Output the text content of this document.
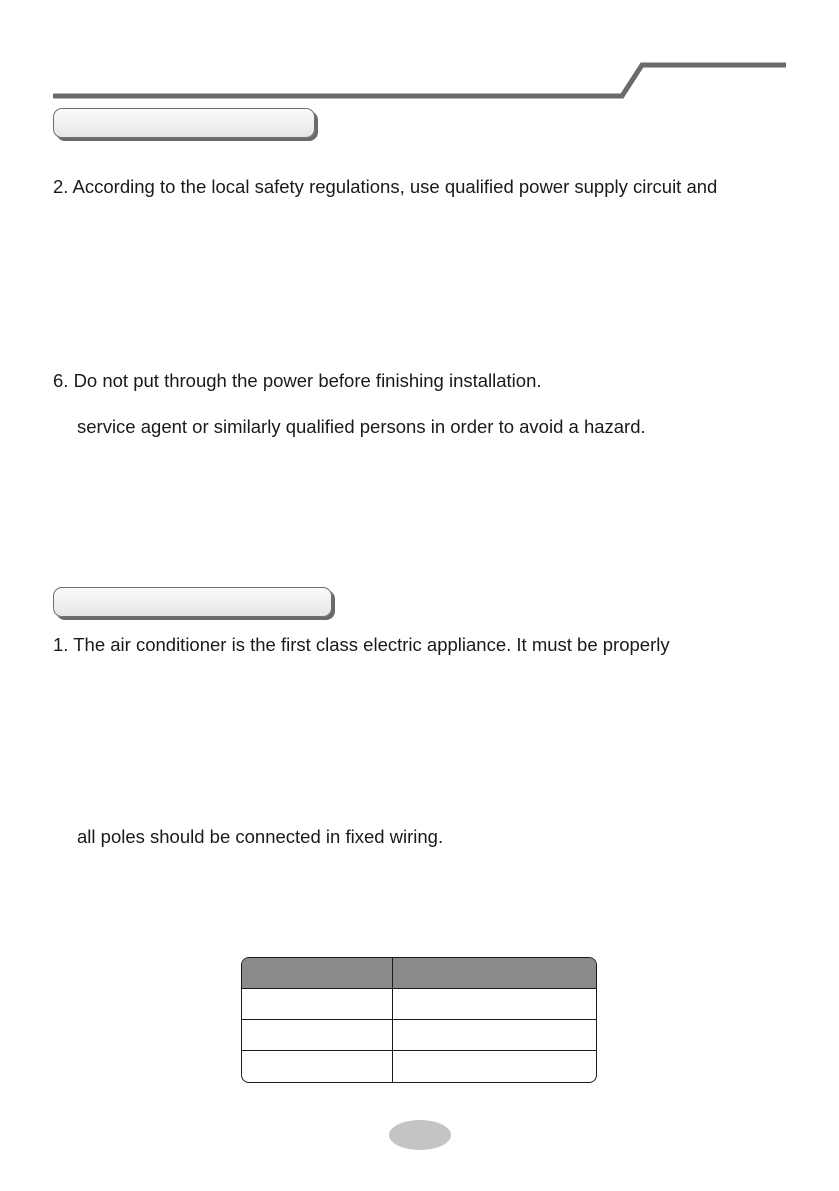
2. According to the local safety regulations, use qualified power supply circuit and

6. Do not put through the power before finishing installation.

service agent or similarly qualified persons in order to avoid a hazard.

1. The air conditioner is the first class electric appliance. It must be properly

all poles should be connected in fixed wiring.
